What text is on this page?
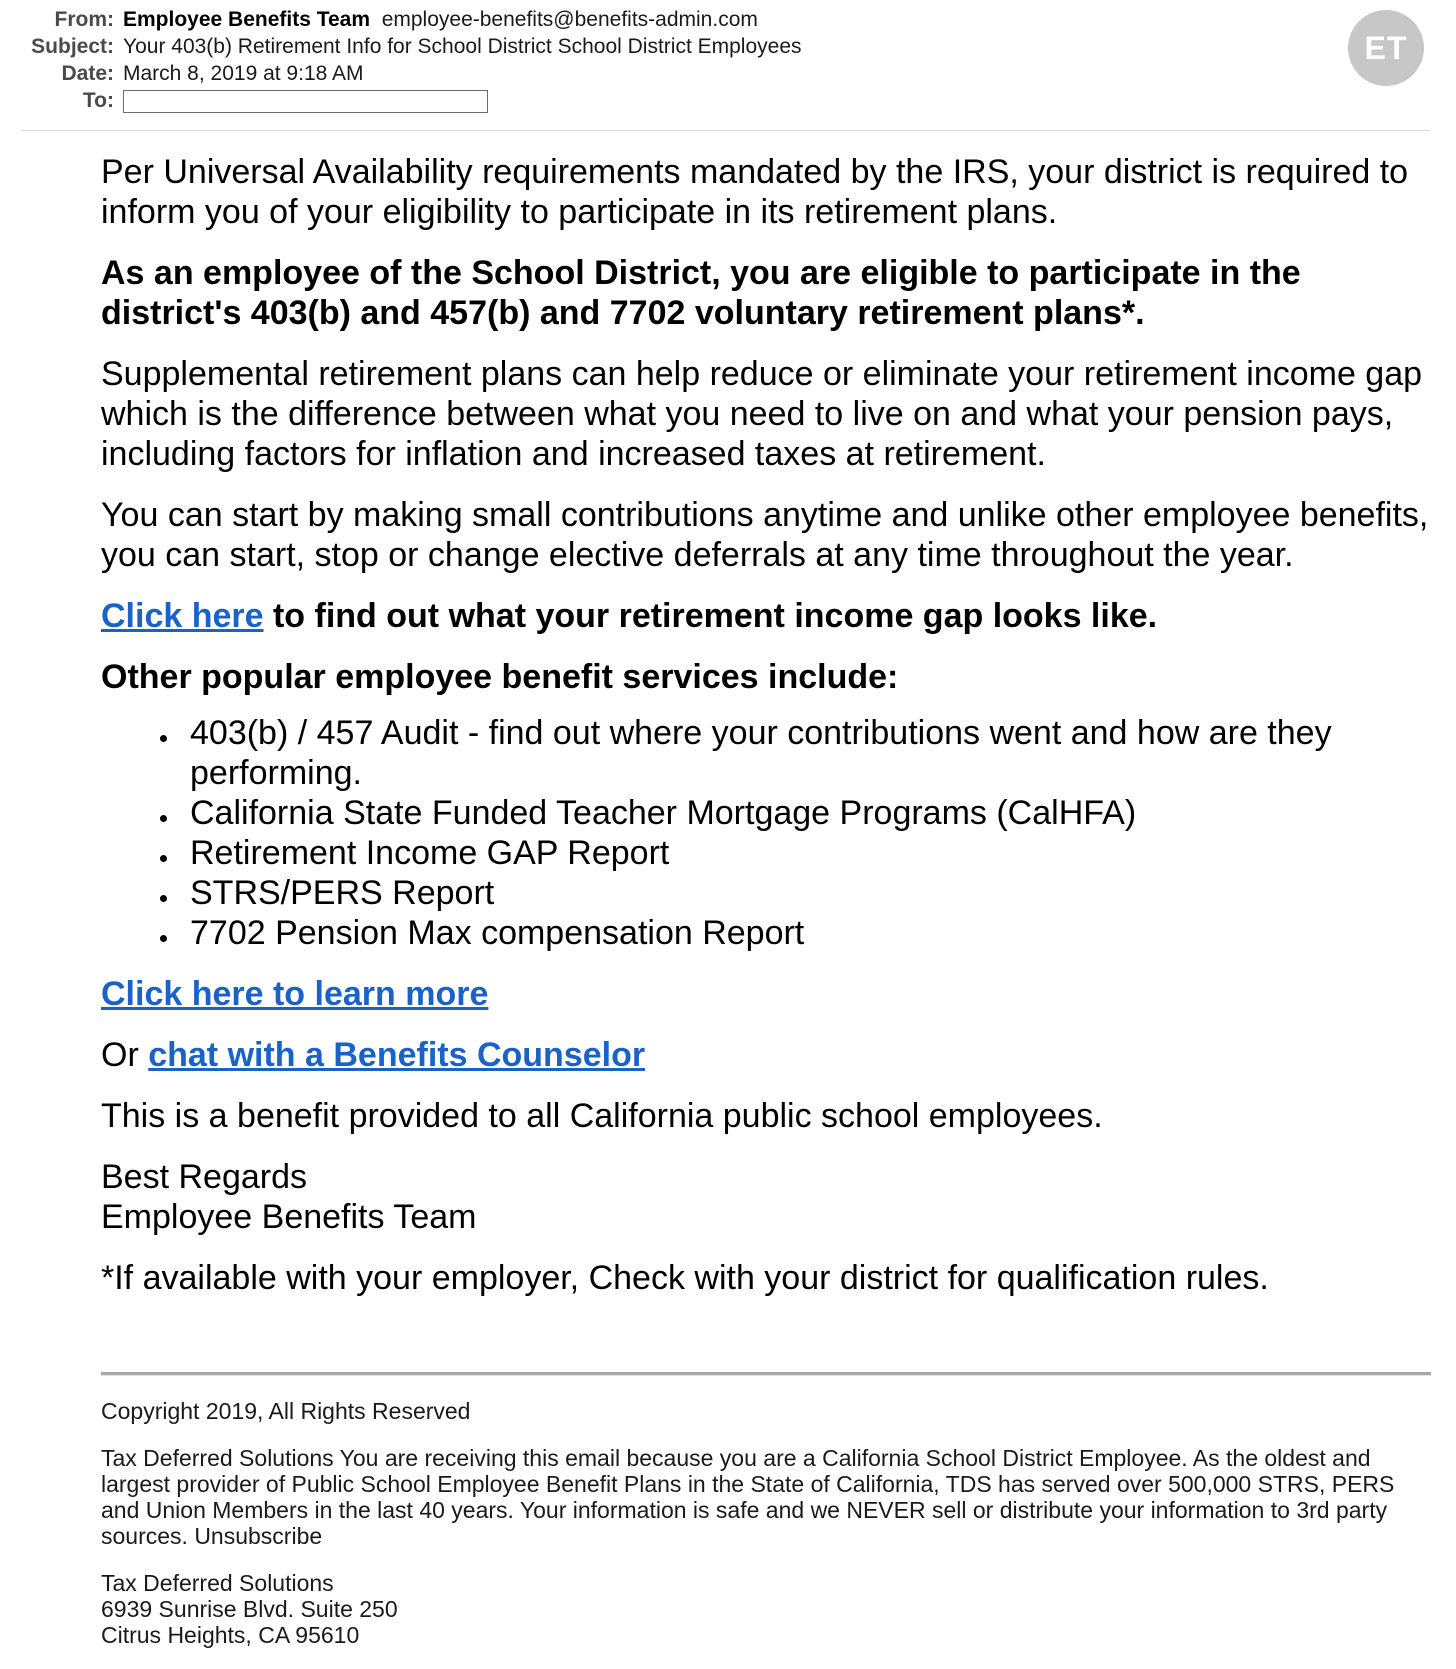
From: Employee Benefits Team employee-benefits@benefits-admin.com
Subject: Your 403(b) Retirement Info for School District School District Employees
Date: March 8, 2019 at 9:18 AM
To:
ET

Per Universal Availability requirements mandated by the IRS, your district is required to inform you of your eligibility to participate in its retirement plans.

As an employee of the School District, you are eligible to participate in the district's 403(b) and 457(b) and 7702 voluntary retirement plans*.

Supplemental retirement plans can help reduce or eliminate your retirement income gap which is the difference between what you need to live on and what your pension pays, including factors for inflation and increased taxes at retirement.

You can start by making small contributions anytime and unlike other employee benefits, you can start, stop or change elective deferrals at any time throughout the year.

Click here to find out what your retirement income gap looks like.

Other popular employee benefit services include:

403(b) / 457 Audit - find out where your contributions went and how are they performing.
California State Funded Teacher Mortgage Programs (CalHFA)
Retirement Income GAP Report
STRS/PERS Report
7702 Pension Max compensation Report

Click here to learn more

Or chat with a Benefits Counselor

This is a benefit provided to all California public school employees.

Best Regards
Employee Benefits Team

*If available with your employer, Check with your district for qualification rules.

Copyright 2019, All Rights Reserved

Tax Deferred Solutions You are receiving this email because you are a California School District Employee. As the oldest and largest provider of Public School Employee Benefit Plans in the State of California, TDS has served over 500,000 STRS, PERS and Union Members in the last 40 years. Your information is safe and we NEVER sell or distribute your information to 3rd party sources. Unsubscribe

Tax Deferred Solutions
6939 Sunrise Blvd. Suite 250
Citrus Heights, CA 95610
